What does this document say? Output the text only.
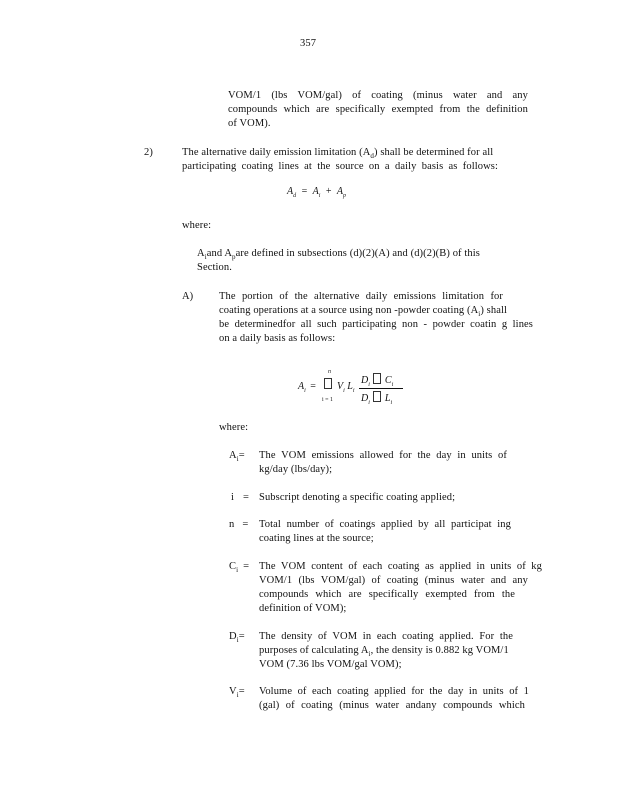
357
VOM/1 (lbs VOM/gal) of coating (minus water and any
compounds which are specifically exempted from the definition
of VOM).
2)	The alternative daily emission limitation $(A_d)$ shall be determined for all
participating coating lines at the source on a daily basis as follows:
$A_d = A_i + A_p$
where:
$A_iand$ $A_pare$ defined in subsections (d)(2)(A) and (d)(2)(B) of this
Section.
A) The portion of the alternative daily emissions limitation for
coating operations at a source using non -powder coating $(A_i)$ shall
be determinedfor all such participating non - powder coatin g lines
on a daily basis as follows:
$A_i$ =
n
i = 1
$V_i$ $L_i$
$D_i$ $C_i$
$D_i$ $L_i$
where:
$A_i=$ The VOM emissions allowed for the day in units of
kg/day (lbs/day);
i = Subscript denoting a specific coating applied;
n = Total number of coatings applied by all participat ing
coating lines at the source;
$C_i$ = The VOM content of each coating as applied in units of kg
VOM/1 (lbs VOM/gal) of coating (minus water and any
compounds which are specifically exempted from the
definition of VOM);
$D_i=$ The density of VOM in each coating applied. For the
purposes of calculating $A_i$, the density is 0.882 kg VOM/1
VOM (7.36 lbs VOM/gal VOM);
$V_i=$ Volume of each coating applied for the day in units of 1
(gal) of coating (minus water andany compounds which
